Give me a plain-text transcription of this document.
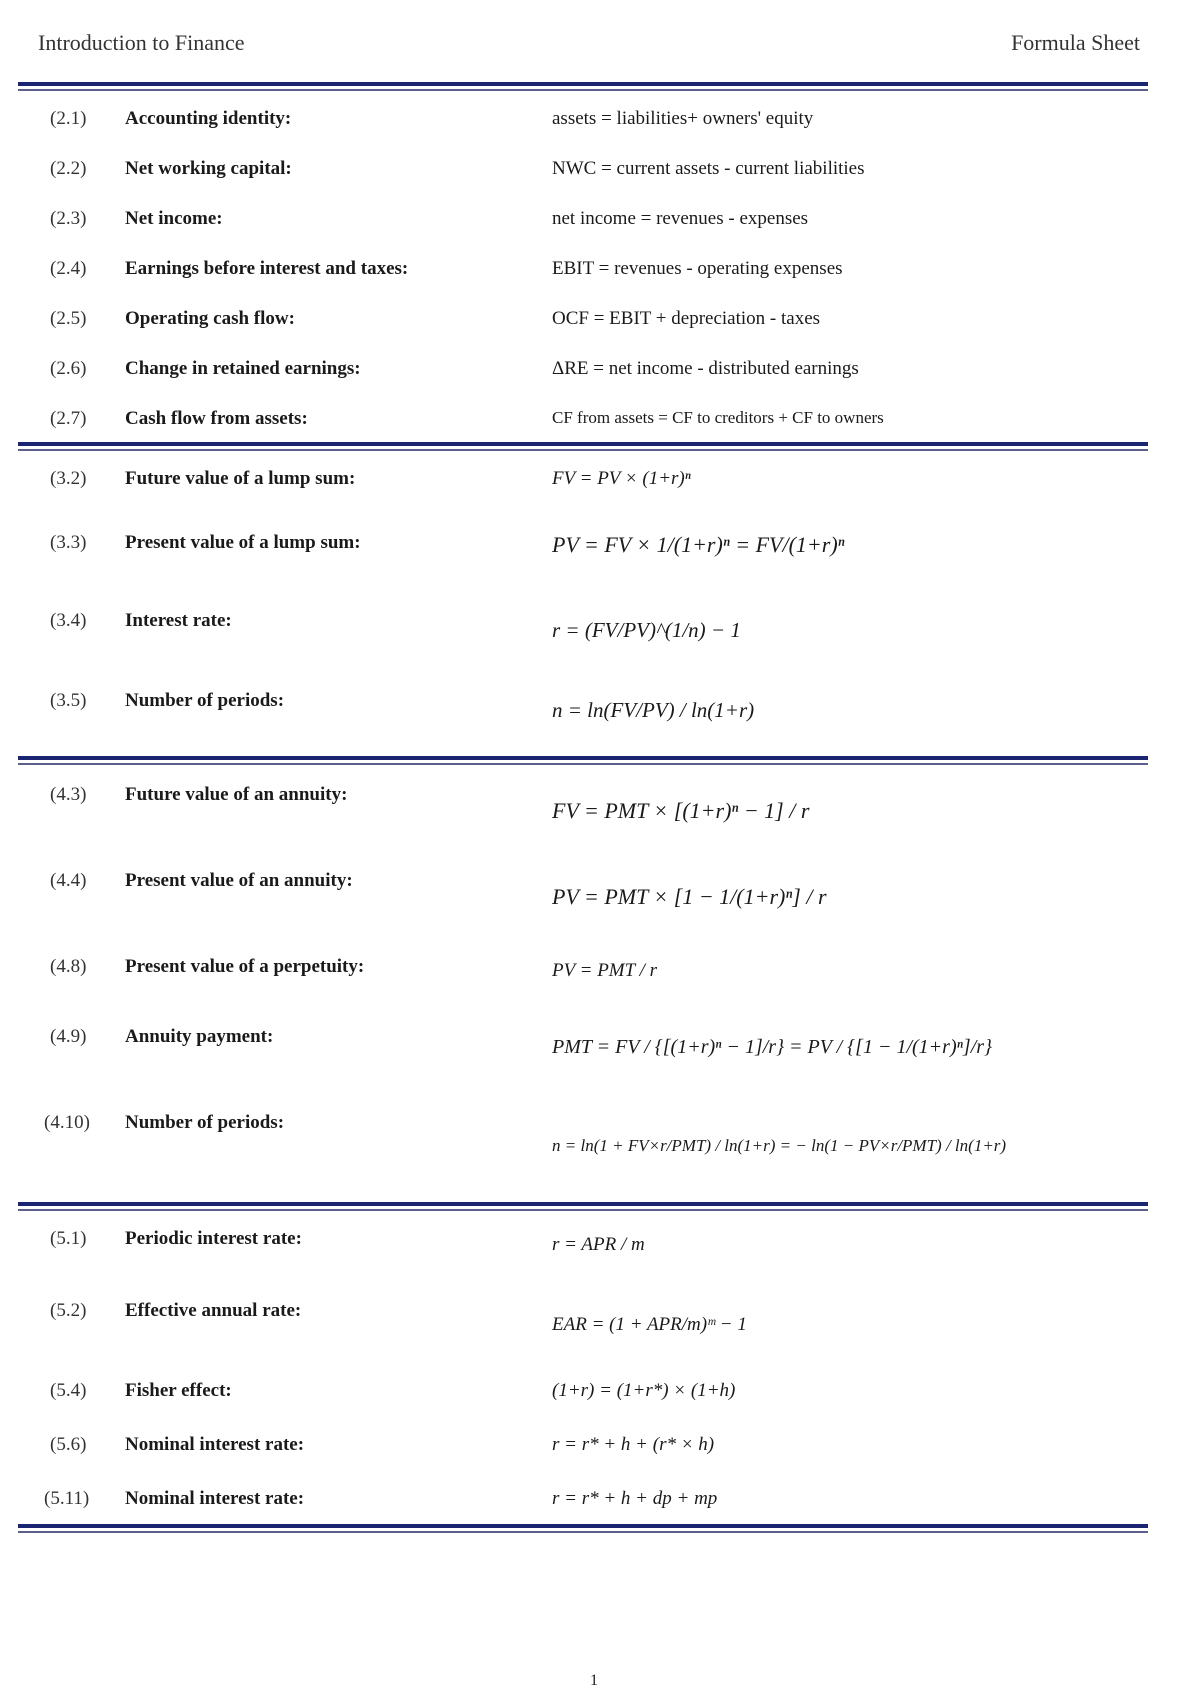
Introduction to Finance	Formula Sheet
(2.1)	Accounting identity:	assets = liabilities+ owners' equity
(2.2)	Net working capital:	NWC = current assets - current liabilities
(2.3)	Net income:	net income = revenues - expenses
(2.4)	Earnings before interest and taxes:	EBIT = revenues - operating expenses
(2.5)	Operating cash flow:	OCF = EBIT + depreciation - taxes
(2.6)	Change in retained earnings:	ΔRE = net income - distributed earnings
(2.7)	Cash flow from assets:	CF from assets = CF to creditors + CF to owners
(3.2)	Future value of a lump sum:	FV = PV × (1+r)ⁿ
(3.3)	Present value of a lump sum:	PV = FV × 1/(1+r)ⁿ = FV/(1+r)ⁿ
(3.4)	Interest rate:	r = (FV/PV)^(1/n) − 1
(3.5)	Number of periods:	n = ln(FV/PV) / ln(1+r)
(4.3)	Future value of an annuity:
FV = PMT × [(1+r)ⁿ − 1] / r
(4.4)	Present value of an annuity:
PV = PMT × [1 − 1/(1+r)ⁿ] / r
(4.8)	Present value of a perpetuity:	PV = PMT / r
(4.9)	Annuity payment:	PMT = FV / {[(1+r)ⁿ − 1]/r} = PV / {[1 − 1/(1+r)ⁿ]/r}
(4.10)	Number of periods:
n = ln(1 + FV×r/PMT) / ln(1+r) = − ln(1 − PV×r/PMT) / ln(1+r)
(5.1)	Periodic interest rate:	r = APR / m
(5.2)	Effective annual rate:
EAR = (1 + APR/m)ᵐ − 1
(5.4)	Fisher effect:	(1+r) = (1+r*) × (1+h)
(5.6)	Nominal interest rate:	r = r* + h + (r* × h)
(5.11)	Nominal interest rate:	r = r* + h + dp + mp
1
